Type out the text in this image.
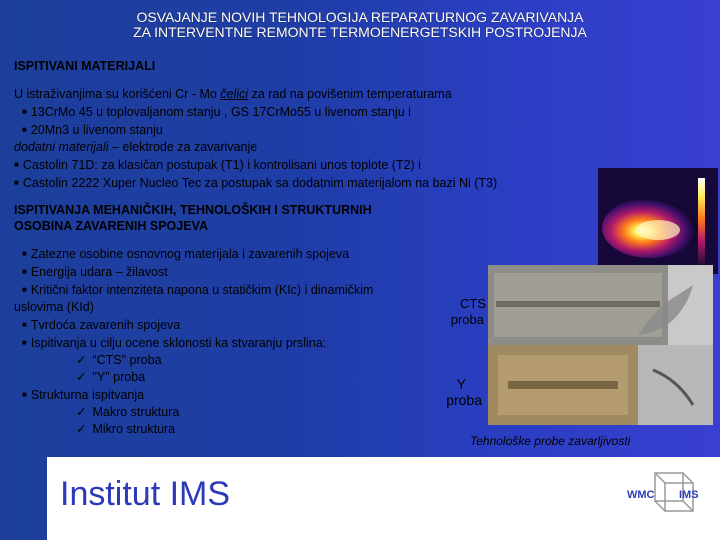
OSVAJANJE NOVIH TEHNOLOGIJA REPARATURNOG ZAVARIVANJA
ZA INTERVENTNE REMONTE TERMOENERGETSKIH POSTROJENJA
ISPITIVANI MATERIJALI
U istraživanjima su korišćeni Cr - Mo čelici za rad na povišenim temperaturama
■ 13CrMo 45 u toplovaljanom stanju , GS 17CrMo55 u livenom stanju i
■ 20Mn3 u livenom stanju
dodatni materijali – elektrode za zavarivanje
■ Castolin 71D: za klasičan postupak (T1) i kontrolisani unos toplote (T2) i
■ Castolin 2222 Xuper Nucleo Tec za postupak sa dodatnim materijalom na bazi Ni (T3)
ISPITIVANJA MEHANIČKIH, TEHNOLOŠKIH I STRUKTURNIH
OSOBINA ZAVARENIH SPOJEVA
■ Zatezne osobine osnovnog materijala i zavarenih spojeva
■ Energija udara – žilavost
■ Kritični faktor intenziteta napona u statičkim (KIc) i dinamičkim
uslovima (KId)
■ Tvrdoća zavarenih spojeva
■ Ispitivanja u cilju ocene sklonosti ka stvaranju prslina:
✓ “CTS" proba
✓ "Y" proba
■ Strukturna ispitvanja
✓ Makro struktura
✓ Mikro struktura
CTS
proba
Y
proba
Tehnološke probe zavarljivosti
Institut IMS	WMC IMS
